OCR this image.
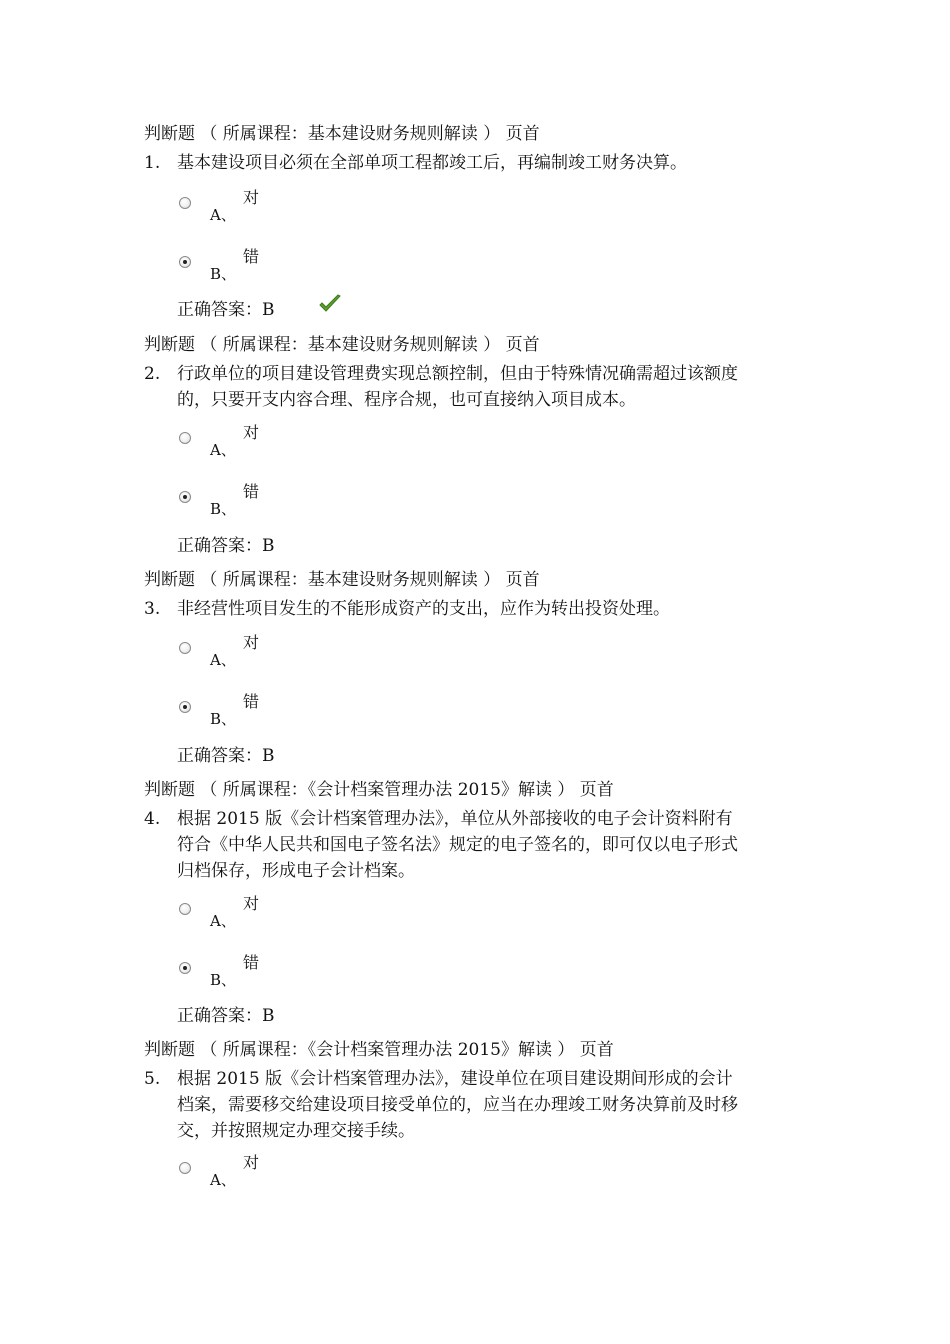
判断题 （ 所属课程：基本建设财务规则解读 ） 页首
1. 基本建设项目必须在全部单项工程都竣工后，再编制竣工财务决算。
对
A、
错
B、
正确答案：B
判断题 （ 所属课程：基本建设财务规则解读 ） 页首
2. 行政单位的项目建设管理费实现总额控制，但由于特殊情况确需超过该额度
的，只要开支内容合理、程序合规，也可直接纳入项目成本。
对
A、
错
B、
正确答案：B
判断题 （ 所属课程：基本建设财务规则解读 ） 页首
3. 非经营性项目发生的不能形成资产的支出，应作为转出投资处理。
对
A、
错
B、
正确答案：B
判断题 （ 所属课程：《会计档案管理办法 2015》解读 ） 页首
4. 根据 2015 版《会计档案管理办法》，单位从外部接收的电子会计资料附有
符合《中华人民共和国电子签名法》规定的电子签名的，即可仅以电子形式
归档保存，形成电子会计档案。
对
A、
错
B、
正确答案：B
判断题 （ 所属课程：《会计档案管理办法 2015》解读 ） 页首
5. 根据 2015 版《会计档案管理办法》，建设单位在项目建设期间形成的会计
档案，需要移交给建设项目接受单位的，应当在办理竣工财务决算前及时移
交，并按照规定办理交接手续。
对
A、
